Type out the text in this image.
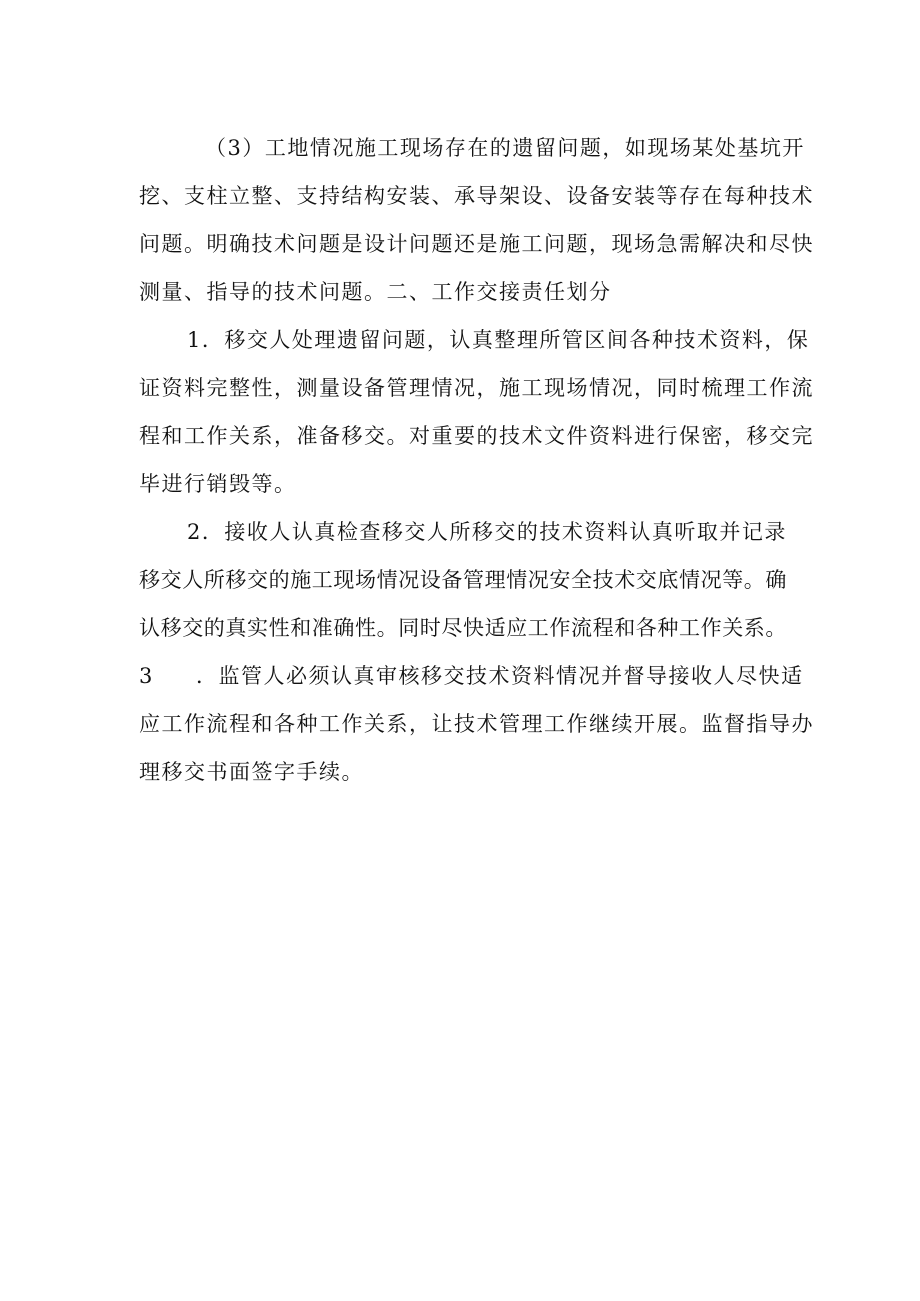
（3）工地情况施工现场存在的遗留问题，如现场某处基坑开
挖、支柱立整、支持结构安装、承导架设、设备安装等存在每种技术
问题。明确技术问题是设计问题还是施工问题，现场急需解决和尽快
测量、指导的技术问题。二、工作交接责任划分
1．移交人处理遗留问题，认真整理所管区间各种技术资料，保
证资料完整性，测量设备管理情况，施工现场情况，同时梳理工作流
程和工作关系，准备移交。对重要的技术文件资料进行保密，移交完
毕进行销毁等。
2．接收人认真检查移交人所移交的技术资料认真听取并记录
移交人所移交的施工现场情况设备管理情况安全技术交底情况等。确
认移交的真实性和准确性。同时尽快适应工作流程和各种工作关系。
3 ．监管人必须认真审核移交技术资料情况并督导接收人尽快适
应工作流程和各种工作关系，让技术管理工作继续开展。监督指导办
理移交书面签字手续。
